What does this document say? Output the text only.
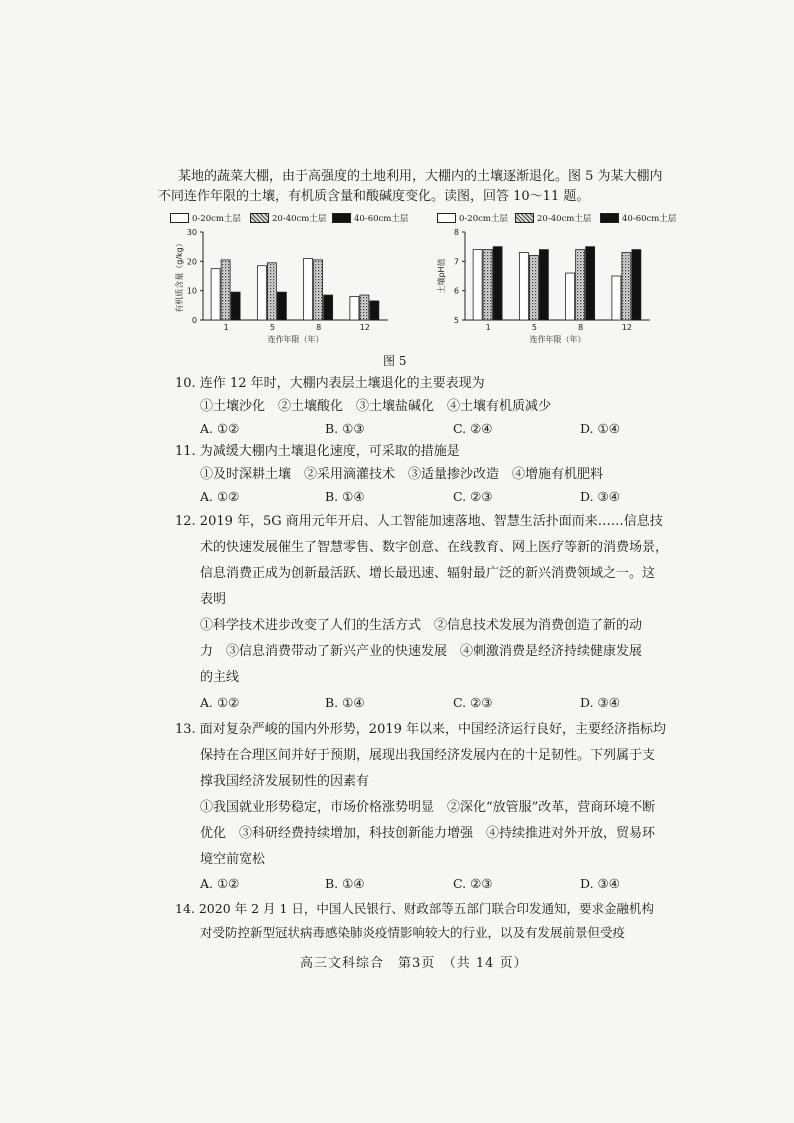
某地的蔬菜大棚，由于高强度的土地利用，大棚内的土壤逐渐退化。图 5 为某大棚内
不同连作年限的土壤，有机质含量和酸碱度变化。读图，回答 10～11 题。
0-20cm土层	20-40cm土层	40-60cm土层	0-20cm土层	20-40cm土层	40-60cm土层
0
10
20
30
有机质含量（g/kg）
1	5	8	12
连作年限（年）
5
6
7
8
土壤pH值
1	5	8	12
连作年限（年）
图 5
10. 连作 12 年时，大棚内表层土壤退化的主要表现为
①土壤沙化　②土壤酸化　③土壤盐碱化　④土壤有机质减少
A. ①②	B. ①③	C. ②④	D. ①④
11. 为减缓大棚内土壤退化速度，可采取的措施是
①及时深耕土壤　②采用滴灌技术　③适量掺沙改造　④增施有机肥料
A. ①②	B. ①④	C. ②③	D. ③④
12. 2019 年，5G 商用元年开启、人工智能加速落地、智慧生活扑面而来……信息技
术的快速发展催生了智慧零售、数字创意、在线教育、网上医疗等新的消费场景，
信息消费正成为创新最活跃、增长最迅速、辐射最广泛的新兴消费领域之一。这
表明
①科学技术进步改变了人们的生活方式　②信息技术发展为消费创造了新的动
力　③信息消费带动了新兴产业的快速发展　④刺激消费是经济持续健康发展
的主线
A. ①②	B. ①④	C. ②③	D. ③④
13. 面对复杂严峻的国内外形势，2019 年以来，中国经济运行良好，主要经济指标均
保持在合理区间并好于预期，展现出我国经济发展内在的十足韧性。下列属于支
撑我国经济发展韧性的因素有
①我国就业形势稳定，市场价格涨势明显　②深化“放管服”改革，营商环境不断
优化　③科研经费持续增加，科技创新能力增强　④持续推进对外开放，贸易环
境空前宽松
A. ①②	B. ①④	C. ②③	D. ③④
14. 2020 年 2 月 1 日，中国人民银行、财政部等五部门联合印发通知，要求金融机构
对受防控新型冠状病毒感染肺炎疫情影响较大的行业，以及有发展前景但受疫
高三文科综合　第3页　（共 14 页）
